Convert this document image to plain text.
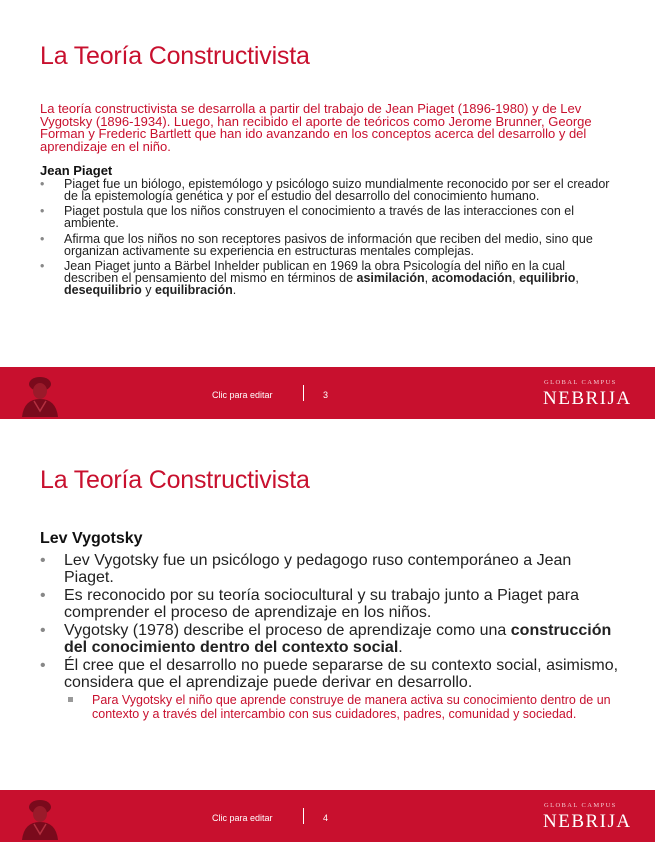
La Teoría Constructivista

La teoría constructivista se desarrolla a partir del trabajo de Jean Piaget (1896-1980) y de Lev Vygotsky (1896-1934). Luego, han recibido el aporte de teóricos como Jerome Brunner, George Forman y Frederic Bartlett que han ido avanzando en los conceptos acerca del desarrollo y del aprendizaje en el niño.

Jean Piaget

• Piaget fue un biólogo, epistemólogo y psicólogo suizo mundialmente reconocido por ser el creador de la epistemología genética y por el estudio del desarrollo del conocimiento humano.
• Piaget postula que los niños construyen el conocimiento a través de las interacciones con el ambiente.
• Afirma que los niños no son receptores pasivos de información que reciben del medio, sino que organizan activamente su experiencia en estructuras mentales complejas.
• Jean Piaget junto a Bärbel Inhelder publican en 1969 la obra Psicología del niño en la cual describen el pensamiento del mismo en términos de asimilación, acomodación, equilibrio, desequilibrio y equilibración.
Clic para editar	3
GLOBAL CAMPUS
NEBRIJA
La Teoría Constructivista

Lev Vygotsky

• Lev Vygotsky fue un psicólogo y pedagogo ruso contemporáneo a Jean Piaget.
• Es reconocido por su teoría sociocultural y su trabajo junto a Piaget para comprender el proceso de aprendizaje en los niños.
• Vygotsky (1978) describe el proceso de aprendizaje como una construcción del conocimiento dentro del contexto social.
• Él cree que el desarrollo no puede separarse de su contexto social, asimismo, considera que el aprendizaje puede derivar en desarrollo.
Para Vygotsky el niño que aprende construye de manera activa su conocimiento dentro de un contexto y a través del intercambio con sus cuidadores, padres, comunidad y sociedad.
Clic para editar	4
GLOBAL CAMPUS
NEBRIJA
